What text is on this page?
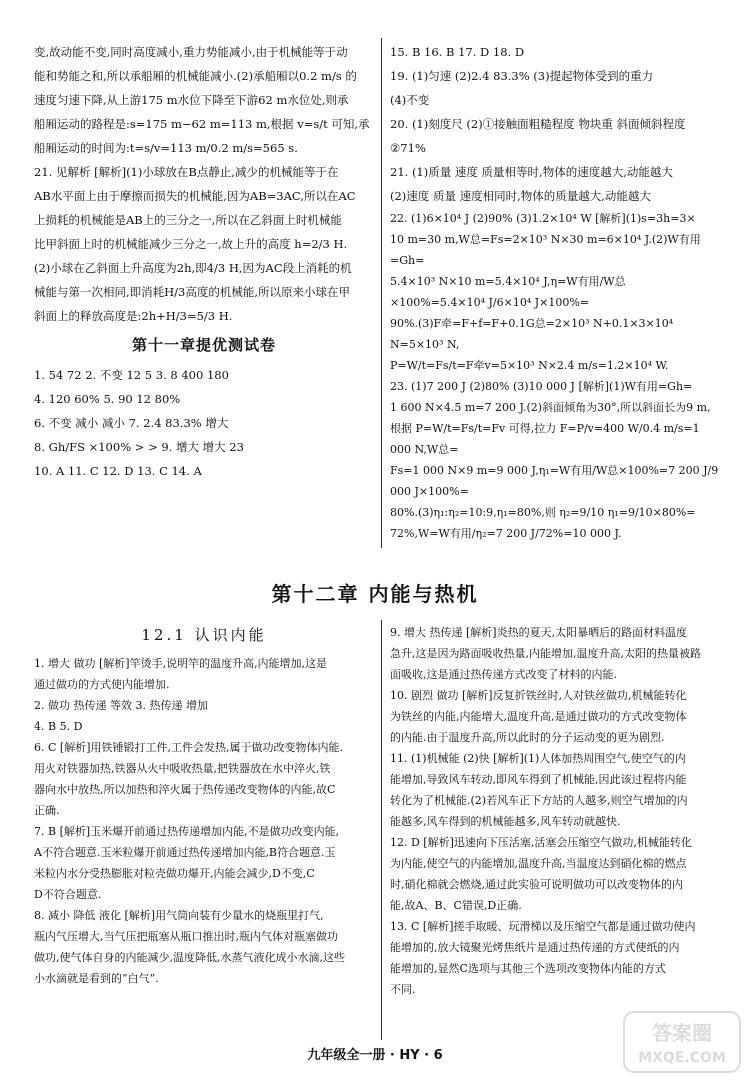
变,故动能不变,同时高度减小,重力势能减小,由于机械能等于动
能和势能之和,所以承船厢的机械能减小.(2)承船厢以0.2 m/s 的
速度匀速下降,从上游175 m水位下降至下游62 m水位处,则承
船厢运动的路程是:s=175 m−62 m=113 m,根据 v=s/t 可知,承
船厢运动的时间为:t=s/v=113 m/0.2 m/s=565 s.
21. 见解析 [解析](1)小球放在B点静止,减少的机械能等于在
AB水平面上由于摩擦而损失的机械能,因为AB=3AC,所以在AC
上损耗的机械能是AB上的三分之一,所以在乙斜面上时机械能
比甲斜面上时的机械能减少三分之一,故上升的高度 h=2/3 H.
(2)小球在乙斜面上升高度为2h,即4/3 H,因为AC段上消耗的机
械能与第一次相同,即消耗H/3高度的机械能,所以原来小球在甲
斜面上的释放高度是:2h+H/3=5/3 H.
第十一章提优测试卷
1. 54 72 2. 不变 12 5 3. 8 400 180
4. 120 60% 5. 90 12 80%
6. 不变 减小 减小 7. 2.4 83.3% 增大
8. Gh/FS ×100% > > 9. 增大 增大 23
10. A 11. C 12. D 13. C 14. A
15. B 16. B 17. D 18. D
19. (1)匀速 (2)2.4 83.3% (3)提起物体受到的重力
(4)不变
20. (1)刻度尺 (2)①接触面粗糙程度 物块重 斜面倾斜程度
②71%
21. (1)质量 速度 质量相等时,物体的速度越大,动能越大
(2)速度 质量 速度相同时,物体的质量越大,动能越大
22. (1)6×10⁴ J (2)90% (3)1.2×10⁴ W [解析](1)s=3h=3×
10 m=30 m,W总=Fs=2×10³ N×30 m=6×10⁴ J.(2)W有用=Gh=
5.4×10³ N×10 m=5.4×10⁴ J,η=W有用/W总×100%=5.4×10⁴ J/6×10⁴ J×100%=
90%.(3)F牵=F+f=F+0.1G总=2×10³ N+0.1×3×10⁴ N=5×10³ N,
P=W/t=Fs/t=F牵v=5×10³ N×2.4 m/s=1.2×10⁴ W.
23. (1)7 200 J (2)80% (3)10 000 J [解析](1)W有用=Gh=
1 600 N×4.5 m=7 200 J.(2)斜面倾角为30°,所以斜面长为9 m,
根据 P=W/t=Fs/t=Fv 可得,拉力 F=P/v=400 W/0.4 m/s=1 000 N,W总=
Fs=1 000 N×9 m=9 000 J,η₁=W有用/W总×100%=7 200 J/9 000 J×100%=
80%.(3)η₁:η₂=10:9,η₁=80%,则 η₂=9/10 η₁=9/10×80%=
72%,W=W有用/η₂=7 200 J/72%=10 000 J.
第十二章 内能与热机
12.1 认识内能
1. 增大 做功 [解析]竿烫手,说明竿的温度升高,内能增加,这是
通过做功的方式使内能增加.
2. 做功 热传递 等效 3. 热传递 增加
4. B 5. D
6. C [解析]用铁锤锻打工件,工件会发热,属于做功改变物体内能.
用火对铁器加热,铁器从火中吸收热量,把铁器放在水中淬火,铁
器向水中放热,所以加热和淬火属于热传递改变物体的内能,故C
正确.
7. B [解析]玉米爆开前通过热传递增加内能,不是做功改变内能,
A不符合题意.玉米粒爆开前通过热传递增加内能,B符合题意.玉
米粒内水分受热膨胀对粒壳做功爆开,内能会减少,D不变,C
D不符合题意.
8. 减小 降低 液化 [解析]用气筒向装有少量水的烧瓶里打气,
瓶内气压增大,当气压把瓶塞从瓶口推出时,瓶内气体对瓶塞做功
做功,使气体自身的内能减少,温度降低,水蒸气液化成小水滴,这些
小水滴就是看到的“白气”.
9. 增大 热传递 [解析]炎热的夏天,太阳暴晒后的路面材料温度
急升,这是因为路面吸收热量,内能增加,温度升高,太阳的热量被路
面吸收,这是通过热传递方式改变了材料的内能.
10. 剧烈 做功 [解析]反复折铁丝时,人对铁丝做功,机械能转化
为铁丝的内能,内能增大,温度升高,是通过做功的方式改变物体
的内能.由于温度升高,所以此时的分子运动变的更为剧烈.
11. (1)机械能 (2)快 [解析](1)人体加热周围空气,使空气的内
能增加,导致风车转动,即风车得到了机械能,因此该过程将内能
转化为了机械能.(2)若风车正下方站的人越多,则空气增加的内
能越多,风车得到的机械能越多,风车转动就越快.
12. D [解析]迅速向下压活塞,活塞会压缩空气做功,机械能转化
为内能,使空气的内能增加,温度升高,当温度达到硝化棉的燃点
时,硝化棉就会燃烧,通过此实验可说明做功可以改变物体的内
能,故A、B、C错误,D正确.
13. C [解析]搓手取暖、玩滑梯以及压缩空气都是通过做功使内
能增加的,放大镜聚光烤焦纸片是通过热传递的方式使纸的内
能增加的,显然C选项与其他三个选项改变物体内能的方式
不同.
九年级全一册 · HY · 6
答案圈
MXQE.COM
